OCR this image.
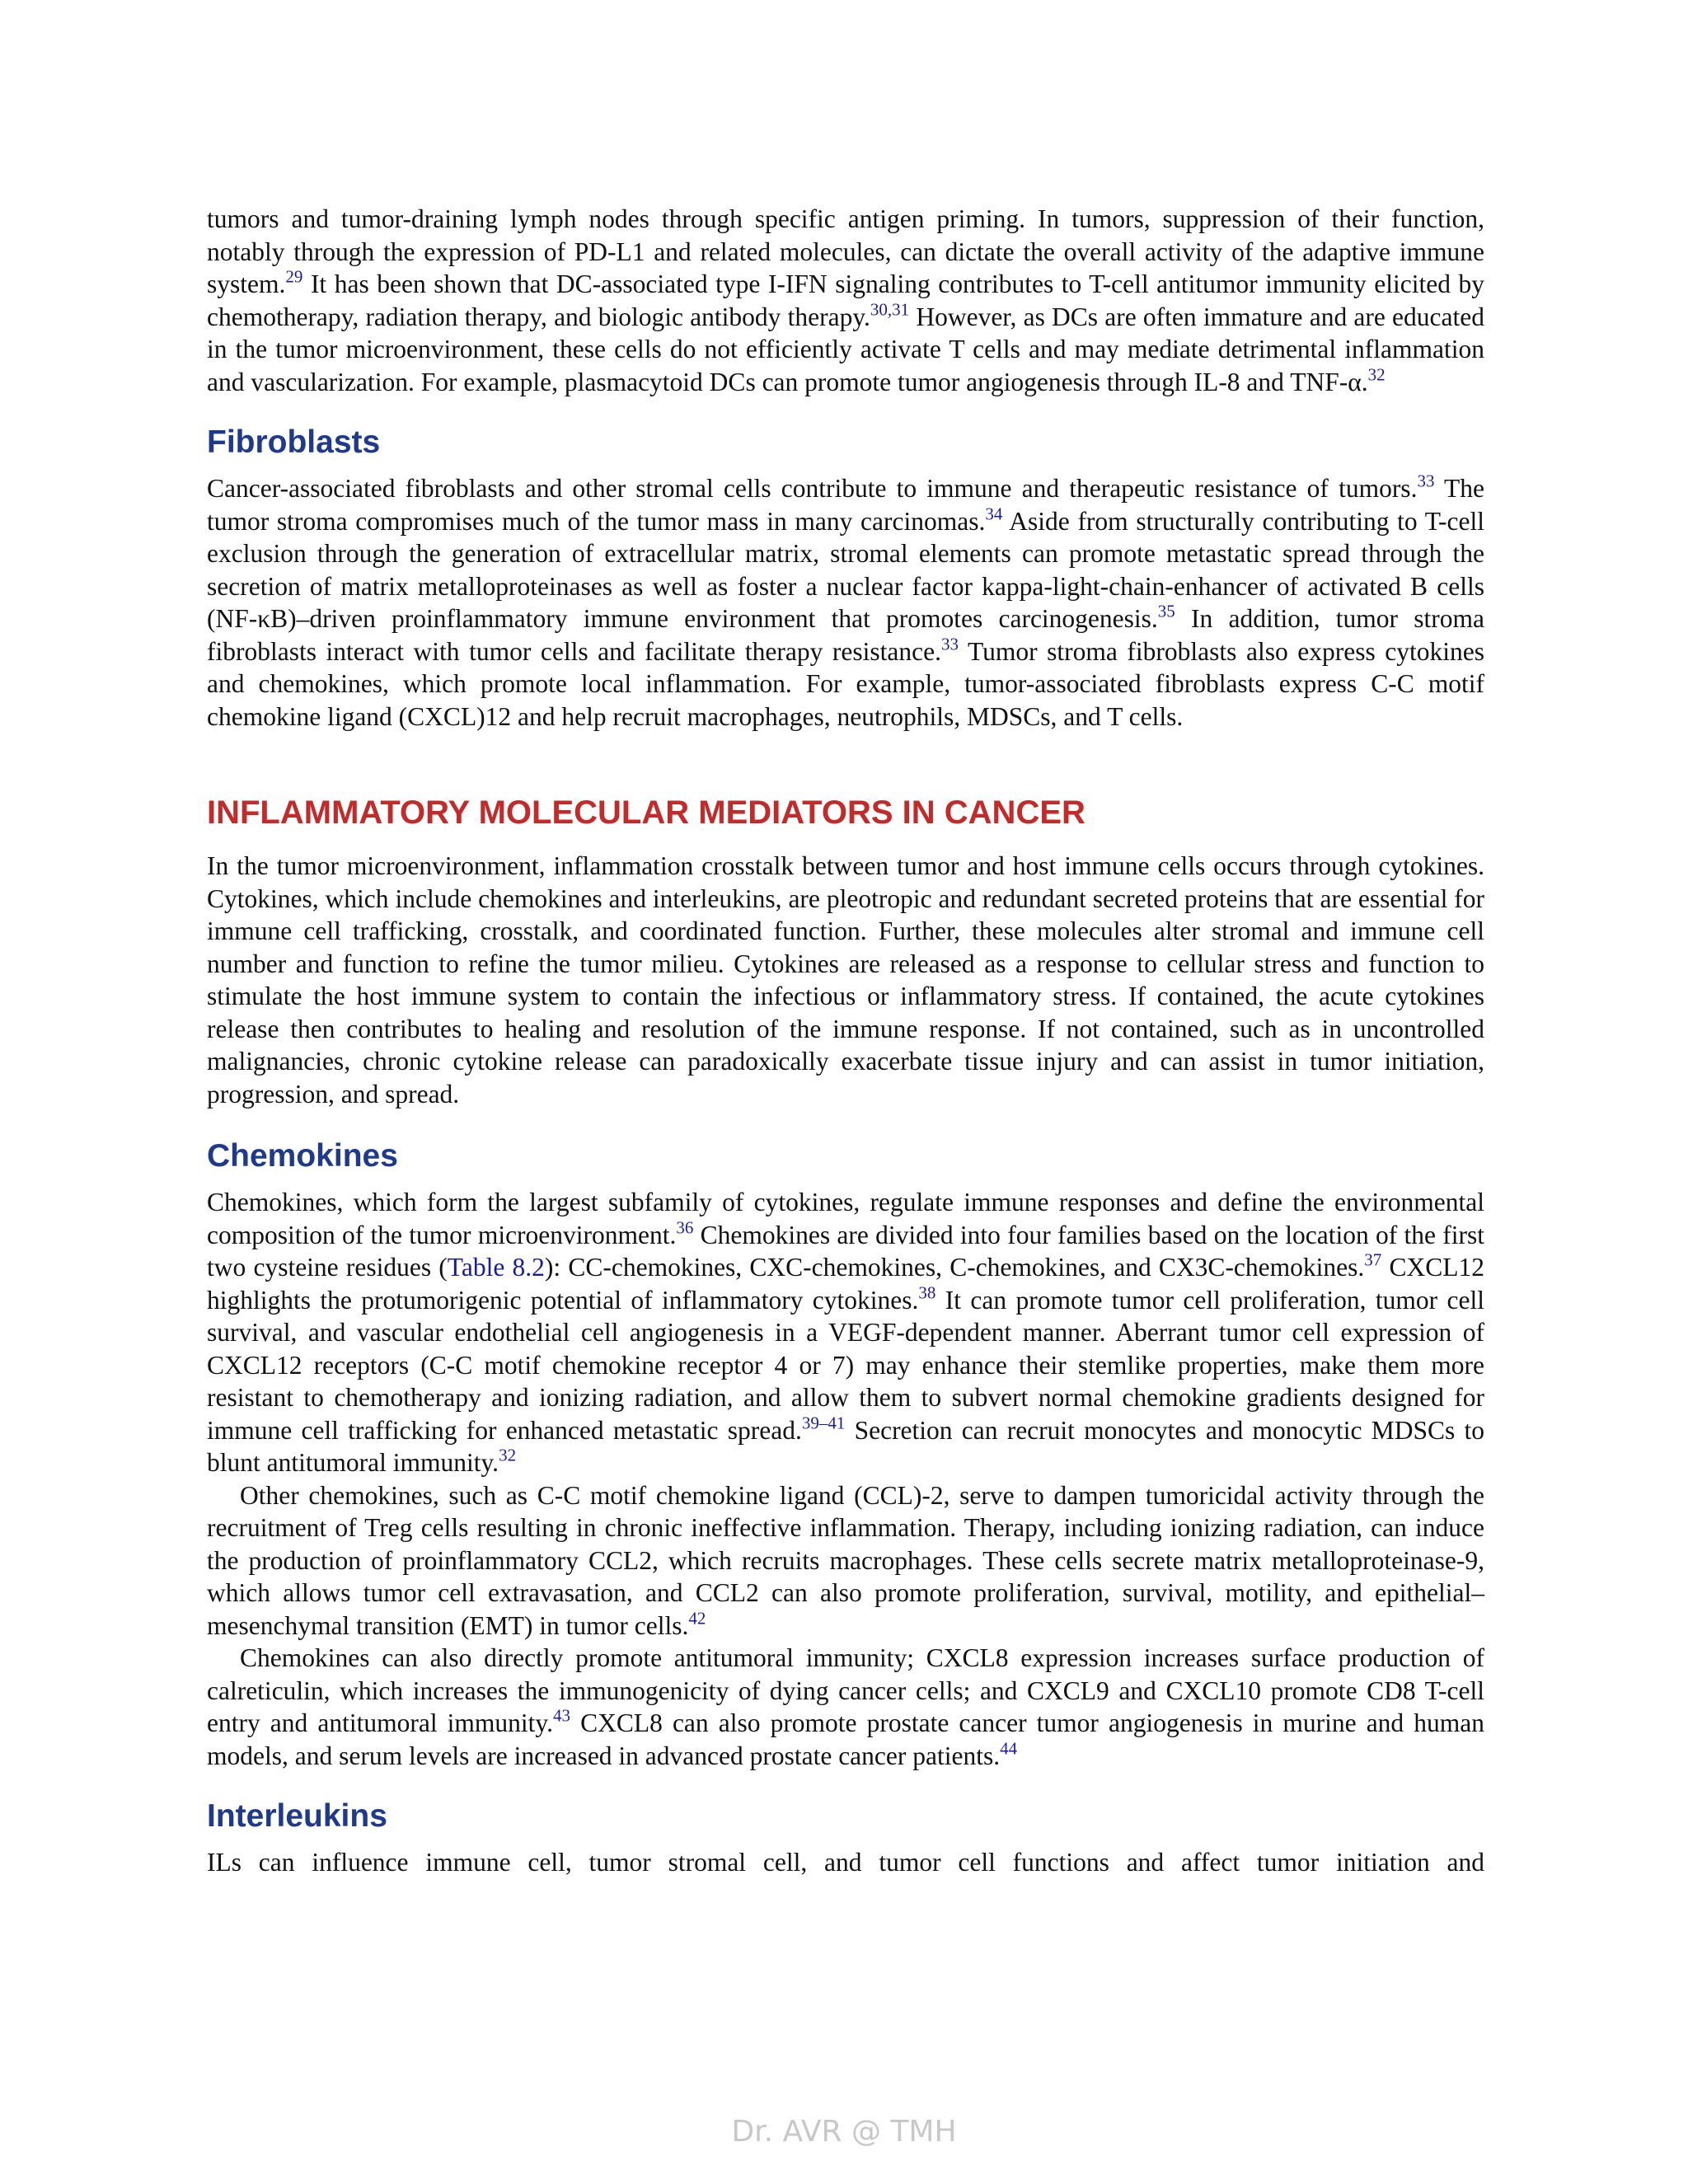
tumors and tumor-draining lymph nodes through specific antigen priming. In tumors, suppression of their function, notably through the expression of PD-L1 and related molecules, can dictate the overall activity of the adaptive immune system.$^{29}$ It has been shown that DC-associated type I-IFN signaling contributes to T-cell antitumor immunity elicited by chemotherapy, radiation therapy, and biologic antibody therapy.$^{30,31}$ However, as DCs are often immature and are educated in the tumor microenvironment, these cells do not efficiently activate T cells and may mediate detrimental inflammation and vascularization. For example, plasmacytoid DCs can promote tumor angiogenesis through IL-8 and TNF-α.$^{32}$

Fibroblasts

Cancer-associated fibroblasts and other stromal cells contribute to immune and therapeutic resistance of tumors.$^{33}$ The tumor stroma compromises much of the tumor mass in many carcinomas.$^{34}$ Aside from structurally contributing to T-cell exclusion through the generation of extracellular matrix, stromal elements can promote metastatic spread through the secretion of matrix metalloproteinases as well as foster a nuclear factor kappa-light-chain-enhancer of activated B cells (NF-κB)–driven proinflammatory immune environment that promotes carcinogenesis.$^{35}$ In addition, tumor stroma fibroblasts interact with tumor cells and facilitate therapy resistance.$^{33}$ Tumor stroma fibroblasts also express cytokines and chemokines, which promote local inflammation. For example, tumor-associated fibroblasts express C-C motif chemokine ligand (CXCL)12 and help recruit macrophages, neutrophils, MDSCs, and T cells.

INFLAMMATORY MOLECULAR MEDIATORS IN CANCER

In the tumor microenvironment, inflammation crosstalk between tumor and host immune cells occurs through cytokines. Cytokines, which include chemokines and interleukins, are pleotropic and redundant secreted proteins that are essential for immune cell trafficking, crosstalk, and coordinated function. Further, these molecules alter stromal and immune cell number and function to refine the tumor milieu. Cytokines are released as a response to cellular stress and function to stimulate the host immune system to contain the infectious or inflammatory stress. If contained, the acute cytokines release then contributes to healing and resolution of the immune response. If not contained, such as in uncontrolled malignancies, chronic cytokine release can paradoxically exacerbate tissue injury and can assist in tumor initiation, progression, and spread.

Chemokines

Chemokines, which form the largest subfamily of cytokines, regulate immune responses and define the environmental composition of the tumor microenvironment.$^{36}$ Chemokines are divided into four families based on the location of the first two cysteine residues (Table 8.2): CC-chemokines, CXC-chemokines, C-chemokines, and CX3C-chemokines.$^{37}$ CXCL12 highlights the protumorigenic potential of inflammatory cytokines.$^{38}$ It can promote tumor cell proliferation, tumor cell survival, and vascular endothelial cell angiogenesis in a VEGF-dependent manner. Aberrant tumor cell expression of CXCL12 receptors (C-C motif chemokine receptor 4 or 7) may enhance their stemlike properties, make them more resistant to chemotherapy and ionizing radiation, and allow them to subvert normal chemokine gradients designed for immune cell trafficking for enhanced metastatic spread.$^{39-41}$ Secretion can recruit monocytes and monocytic MDSCs to blunt antitumoral immunity.$^{32}$

Other chemokines, such as C-C motif chemokine ligand (CCL)-2, serve to dampen tumoricidal activity through the recruitment of Treg cells resulting in chronic ineffective inflammation. Therapy, including ionizing radiation, can induce the production of proinflammatory CCL2, which recruits macrophages. These cells secrete matrix metalloproteinase-9, which allows tumor cell extravasation, and CCL2 can also promote proliferation, survival, motility, and epithelial–mesenchymal transition (EMT) in tumor cells.$^{42}$

Chemokines can also directly promote antitumoral immunity; CXCL8 expression increases surface production of calreticulin, which increases the immunogenicity of dying cancer cells; and CXCL9 and CXCL10 promote CD8 T-cell entry and antitumoral immunity.$^{43}$ CXCL8 can also promote prostate cancer tumor angiogenesis in murine and human models, and serum levels are increased in advanced prostate cancer patients.$^{44}$

Interleukins

ILs can influence immune cell, tumor stromal cell, and tumor cell functions and affect tumor initiation and

Dr. AVR @ TMH
